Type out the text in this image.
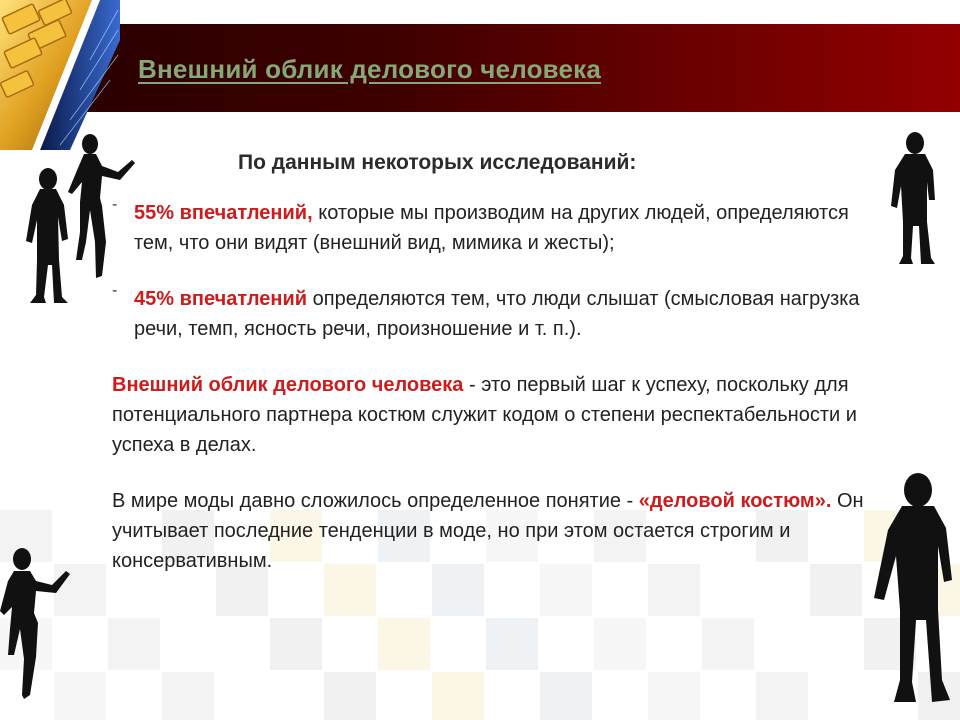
Внешний облик делового человека

По данным некоторых исследований:

- 55% впечатлений, которые мы производим на других людей, определяются тем, что они видят (внешний вид, мимика и жесты);
- 45% впечатлений определяются тем, что люди слышат (смысловая нагрузка речи, темп, ясность речи, произношение и т. п.).

Внешний облик делового человека - это первый шаг к успеху, поскольку для потенциального партнера костюм служит кодом о степени респектабельности и успеха в делах.

В мире моды давно сложилось определенное понятие - «деловой костюм». Он учитывает последние тенденции в моде, но при этом остается строгим и консервативным.
